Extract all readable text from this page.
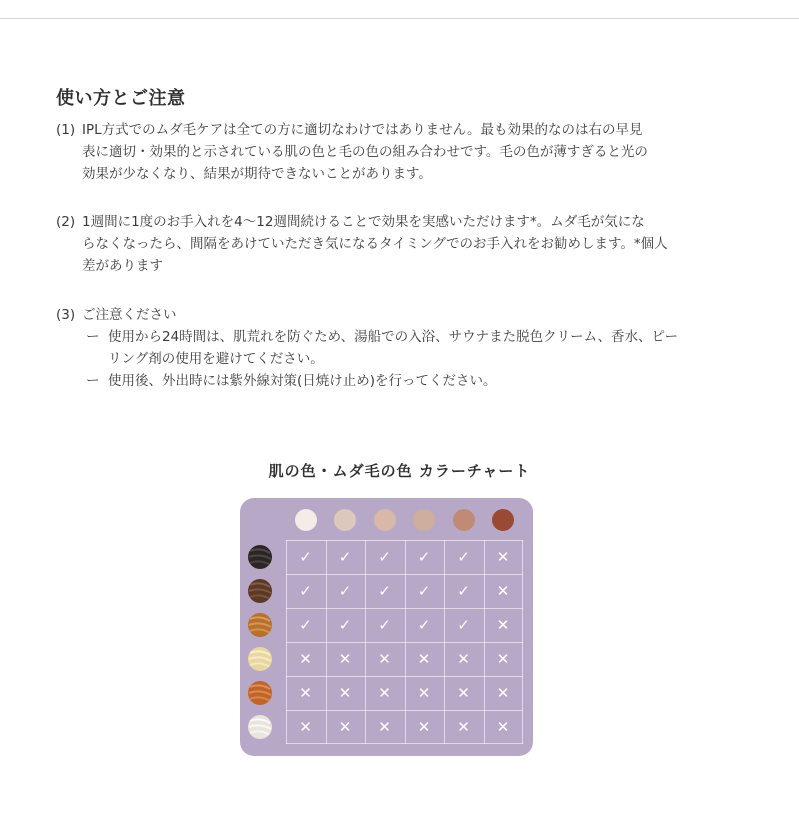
使い方とご注意
(1) IPL方式でのムダ毛ケアは全ての方に適切なわけではありません。最も効果的なのは右の早見
表に適切・効果的と示されている肌の色と毛の色の組み合わせです。毛の色が薄すぎると光の
効果が少なくなり、結果が期待できないことがあります。
(2) 1週間に1度のお手入れを4〜12週間続けることで効果を実感いただけます*。ムダ毛が気にな
らなくなったら、間隔をあけていただき気になるタイミングでのお手入れをお勧めします。*個人
差があります
(3) ご注意ください
ー 使用から24時間は、肌荒れを防ぐため、湯船での入浴、サウナまた脱色クリーム、香水、ピー
リング剤の使用を避けてください。
ー 使用後、外出時には紫外線対策(日焼け止め)を行ってください。
肌の色・ムダ毛の色 カラーチャート
✓	✓	✓	✓	✓	✕
✓	✓	✓	✓	✓	✕
✓	✓	✓	✓	✓	✕
✕	✕	✕	✕	✕	✕
✕	✕	✕	✕	✕	✕
✕	✕	✕	✕	✕	✕
